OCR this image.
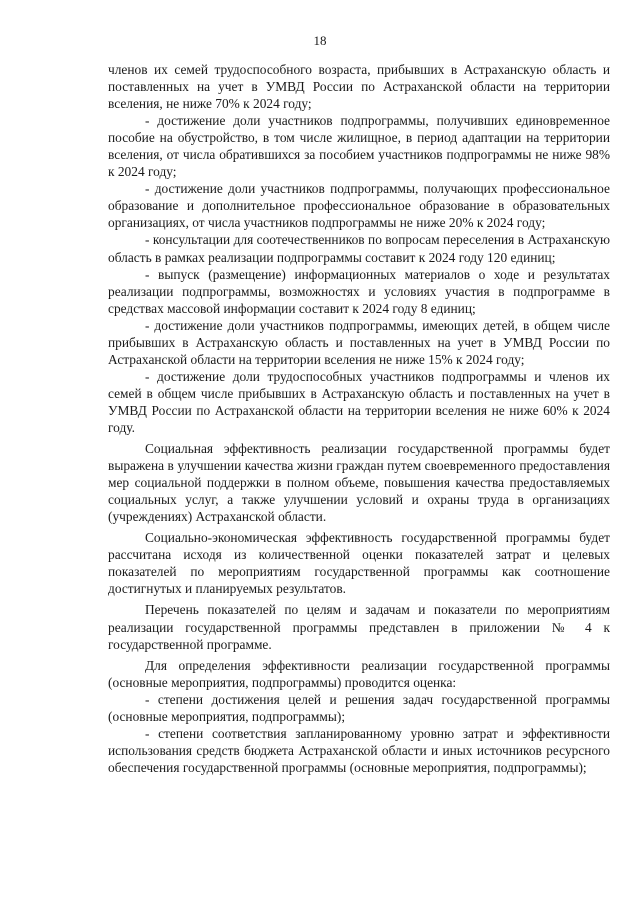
18

членов их семей трудоспособного возраста, прибывших в Астраханскую область и поставленных на учет в УМВД России по Астраханской области на территории вселения, не ниже 70% к 2024 году;

- достижение доли участников подпрограммы, получивших единовременное пособие на обустройство, в том числе жилищное, в период адаптации на территории вселения, от числа обратившихся за пособием участников подпрограммы не ниже 98% к 2024 году;

- достижение доли участников подпрограммы, получающих профессиональное образование и дополнительное профессиональное образование в образовательных организациях, от числа участников подпрограммы не ниже 20% к 2024 году;

- консультации для соотечественников по вопросам переселения в Астраханскую область в рамках реализации подпрограммы составит к 2024 году 120 единиц;

- выпуск (размещение) информационных материалов о ходе и результатах реализации подпрограммы, возможностях и условиях участия в подпрограмме в средствах массовой информации составит к 2024 году 8 единиц;

- достижение доли участников подпрограммы, имеющих детей, в общем числе прибывших в Астраханскую область и поставленных на учет в УМВД России по Астраханской области на территории вселения не ниже 15% к 2024 году;

- достижение доли трудоспособных участников подпрограммы и членов их семей в общем числе прибывших в Астраханскую область и поставленных на учет в УМВД России по Астраханской области на территории вселения не ниже 60% к 2024 году.

Социальная эффективность реализации государственной программы будет выражена в улучшении качества жизни граждан путем своевременного предоставления мер социальной поддержки в полном объеме, повышения качества предоставляемых социальных услуг, а также улучшении условий и охраны труда в организациях (учреждениях) Астраханской области.

Социально-экономическая эффективность государственной программы будет рассчитана исходя из количественной оценки показателей затрат и целевых показателей по мероприятиям государственной программы как соотношение достигнутых и планируемых результатов.

Перечень показателей по целям и задачам и показатели по мероприятиям реализации государственной программы представлен в приложении № 4 к государственной программе.

Для определения эффективности реализации государственной программы (основные мероприятия, подпрограммы) проводится оценка:

- степени достижения целей и решения задач государственной программы (основные мероприятия, подпрограммы);

- степени соответствия запланированному уровню затрат и эффективности использования средств бюджета Астраханской области и иных источников ресурсного обеспечения государственной программы (основные мероприятия, подпрограммы);
